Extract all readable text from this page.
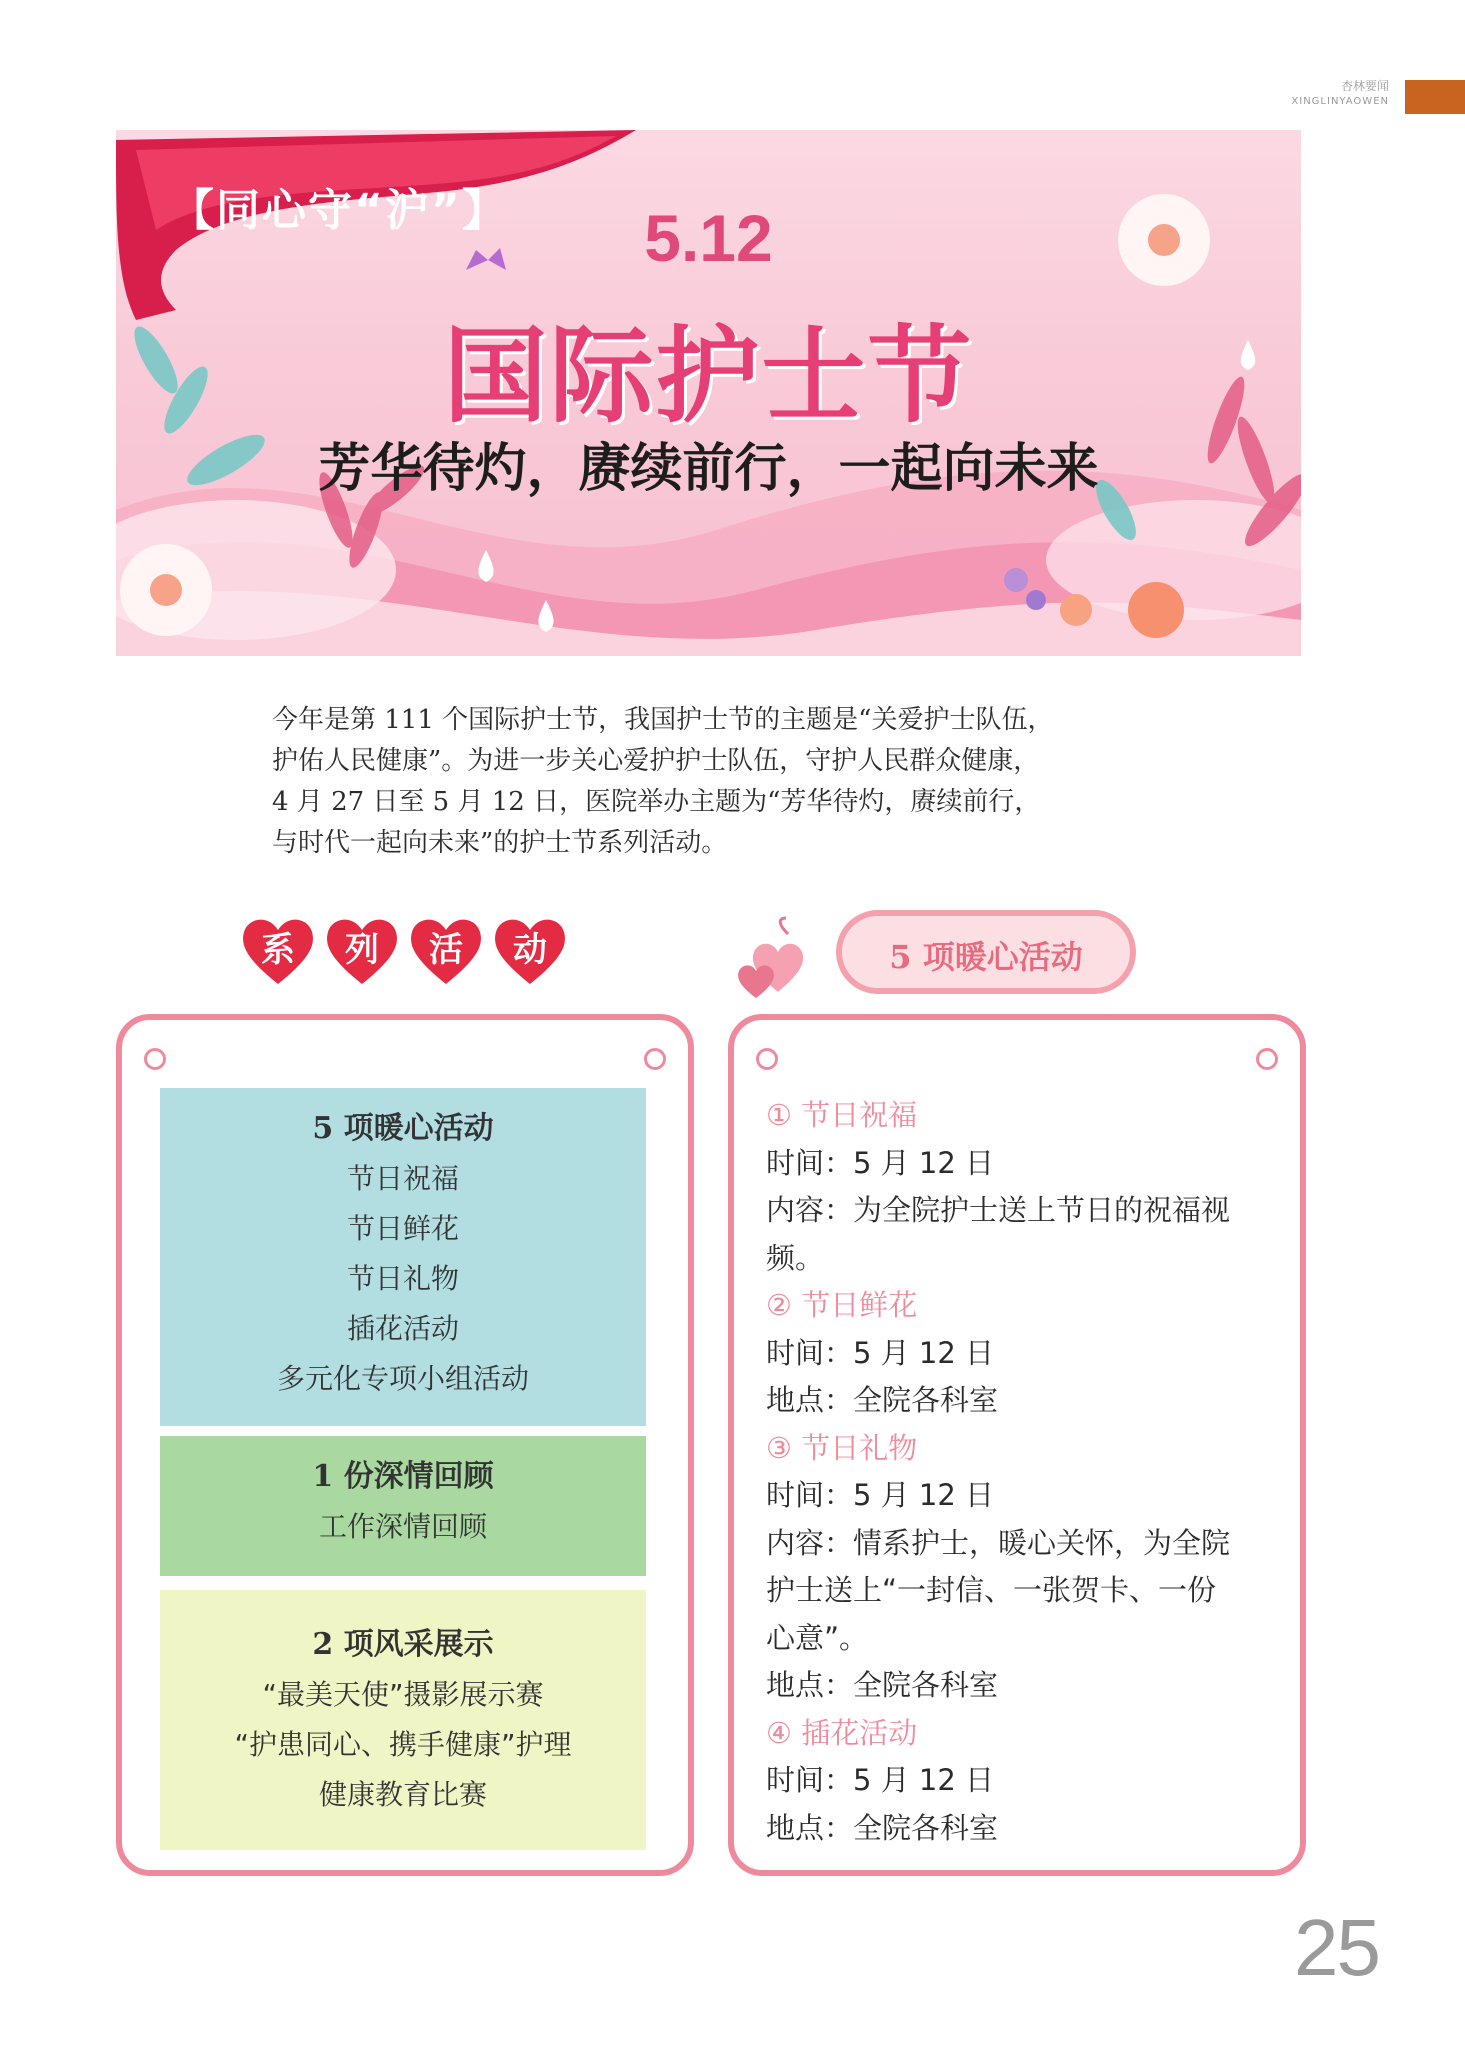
杏林要闻
XINGLINYAOWEN
【同心守“沪”】	5.12
国际护士节
芳华待灼，赓续前行，一起向未来

今年是第 111 个国际护士节，我国护士节的主题是“关爱护士队伍，

护佑人民健康”。为进一步关心爱护护士队伍，守护人民群众健康，

4 月 27 日至 5 月 12 日，医院举办主题为“芳华待灼，赓续前行，

与时代一起向未来”的护士节系列活动。

系	列	活	动	5 项暖心活动
5 项暖心活动
节日祝福
节日鲜花
节日礼物
插花活动
多元化专项小组活动
1 份深情回顾
工作深情回顾
2 项风采展示
“最美天使”摄影展示赛
“护患同心、携手健康”护理
健康教育比赛
① 节日祝福
时间：5 月 12 日
内容：为全院护士送上节日的祝福视
频。
② 节日鲜花
时间：5 月 12 日
地点：全院各科室
③ 节日礼物
时间：5 月 12 日
内容：情系护士，暖心关怀，为全院
护士送上“一封信、一张贺卡、一份
心意”。
地点：全院各科室
④ 插花活动
时间：5 月 12 日
地点：全院各科室
25
